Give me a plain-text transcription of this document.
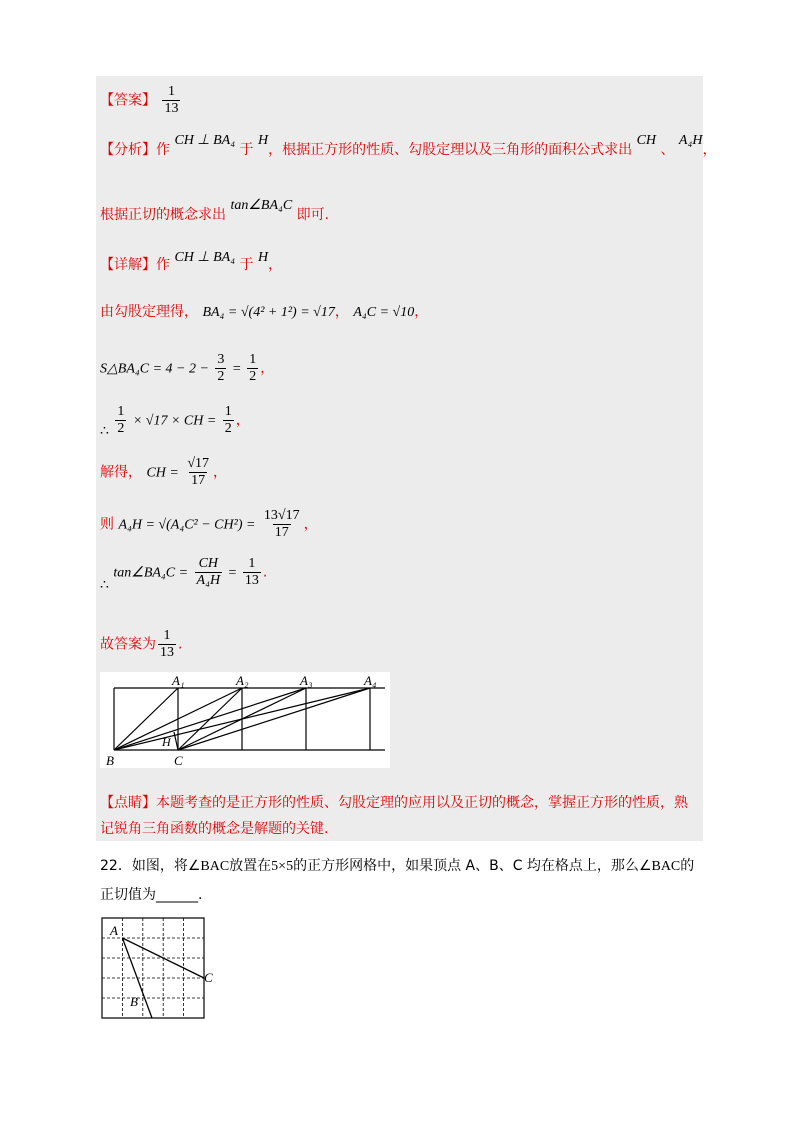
【答案】 $\frac{1}{13}$
【分析】作 CH ⊥ BA₄ 于 H，根据正方形的性质、勾股定理以及三角形的面积公式求出 CH 、 A₄H，
根据正切的概念求出 tan∠BA₄C 即可.
【详解】作 CH ⊥ BA₄ 于 H，
由勾股定理得， BA₄ = √(4² + 1²) = √17， A₄C = √10，
S△BA₄C = $4 - 2 - \frac{3}{2} = \frac{1}{2}$ ，
∴ $\frac{1}{2} \times √17$ × CH = $\frac{1}{2}$ ，
解得， CH = $\frac{√17}{17}$ ，
则 $A_4H = √(A_4C^2 - CH^2) = \frac{13√17}{17}$ ，
∴ tan∠BA₄C = $\frac{CH}{\text{A₄H}} = \frac{1}{13}$ .
故答案为 $\frac{1}{13}$ .
A₁	A₂	A₃	A₄
B	C
H
【点睛】本题考查的是正方形的性质、勾股定理的应用以及正切的概念，掌握正方形的性质，熟
记锐角三角函数的概念是解题的关键.
22．如图，将∠BAC放置在5×5的正方形网格中，如果顶点 A、B、C 均在格点上，那么∠BAC的
正切值为______.
A
B
C
